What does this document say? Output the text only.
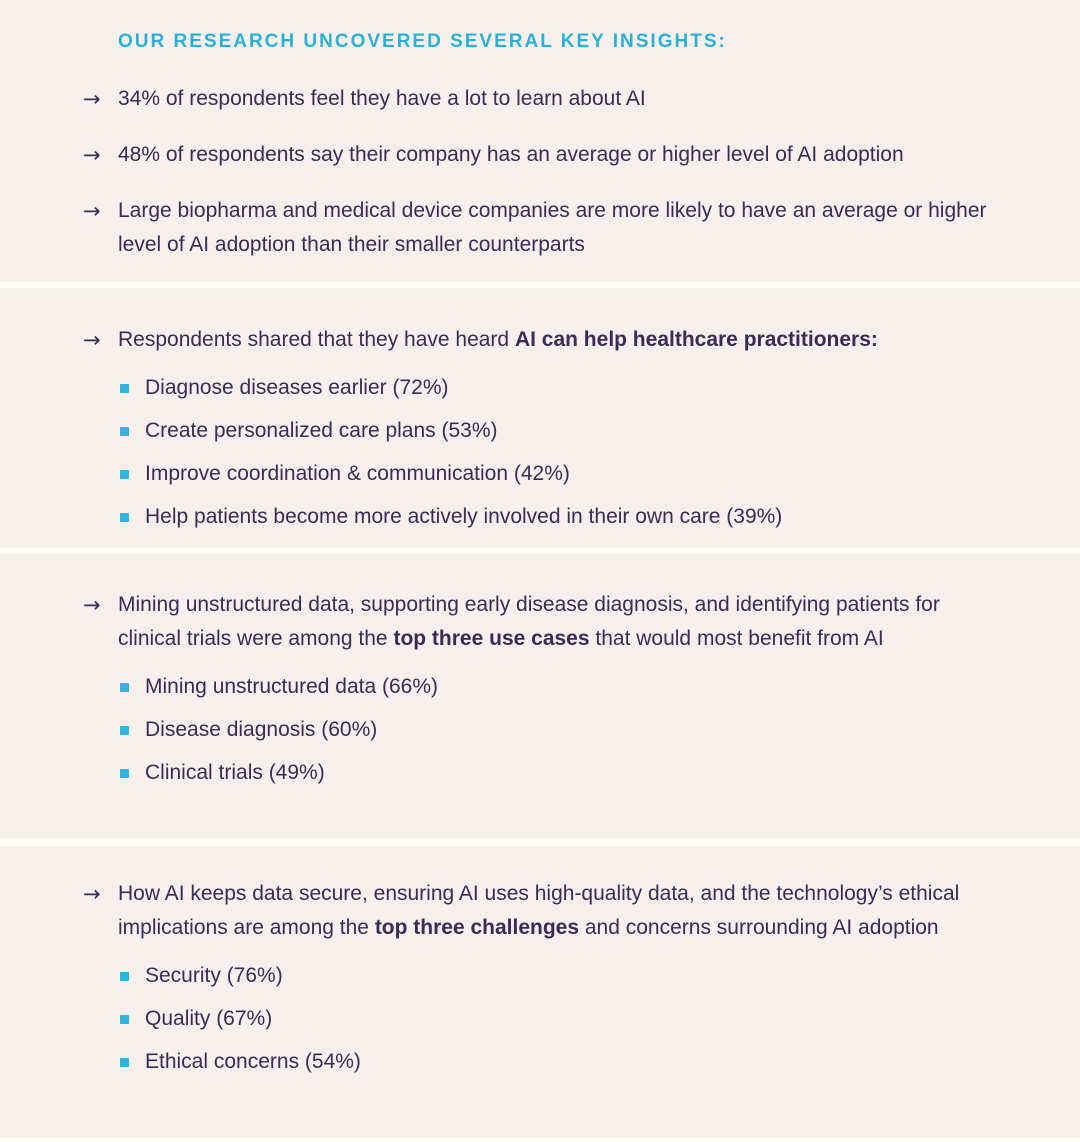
OUR RESEARCH UNCOVERED SEVERAL KEY INSIGHTS:
→ 34% of respondents feel they have a lot to learn about AI

→ 48% of respondents say their company has an average or higher level of AI adoption

→ Large biopharma and medical device companies are more likely to have an average or higher level of AI adoption than their smaller counterparts

→ Respondents shared that they have heard AI can help healthcare practitioners:

Diagnose diseases earlier (72%)
Create personalized care plans (53%)
Improve coordination & communication (42%)
Help patients become more actively involved in their own care (39%)
→ Mining unstructured data, supporting early disease diagnosis, and identifying patients for clinical trials were among the top three use cases that would most benefit from AI

Mining unstructured data (66%)
Disease diagnosis (60%)
Clinical trials (49%)
→ How AI keeps data secure, ensuring AI uses high-quality data, and the technology’s ethical implications are among the top three challenges and concerns surrounding AI adoption

Security (76%)
Quality (67%)
Ethical concerns (54%)
